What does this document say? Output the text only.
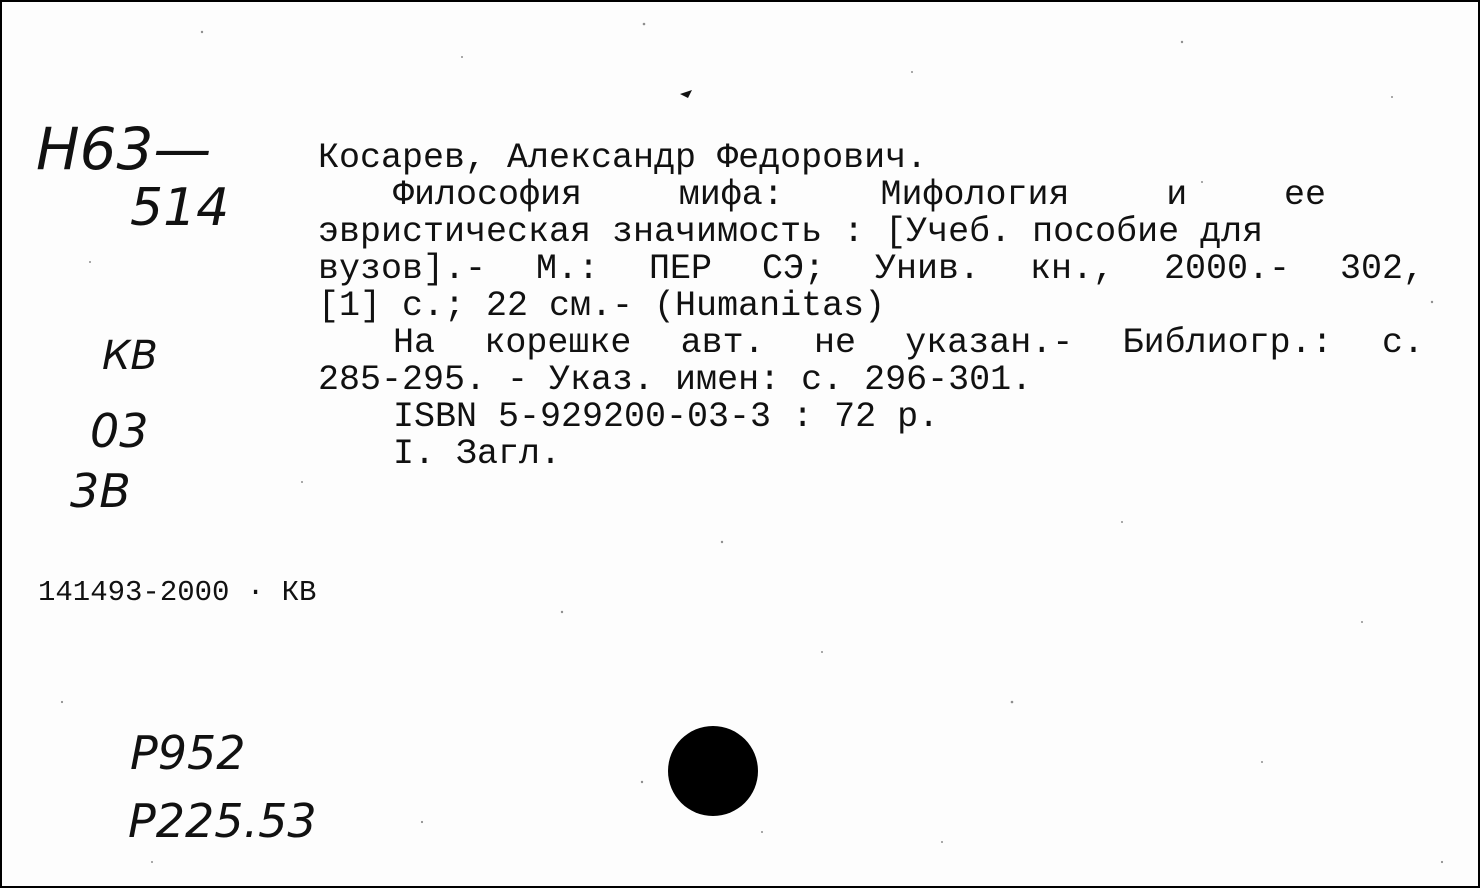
Н63—
514
КВ
03
3В
Косарев, Александр Федорович.
Философия	мифа:	Мифология	и	ее
эвристическая значимость : [Учеб. пособие для
вузов].- М.: ПЕР СЭ; Унив. кн., 2000.- 302,
[1] с.; 22 см.- (Humanitas)
На корешке авт. не указан.- Библиогр.: с.
285-295. - Указ. имен: с. 296-301.
ISBN 5-929200-03-3 : 72 р.
I. Загл.
141493-2000 · КВ
Р952
Р225.53
